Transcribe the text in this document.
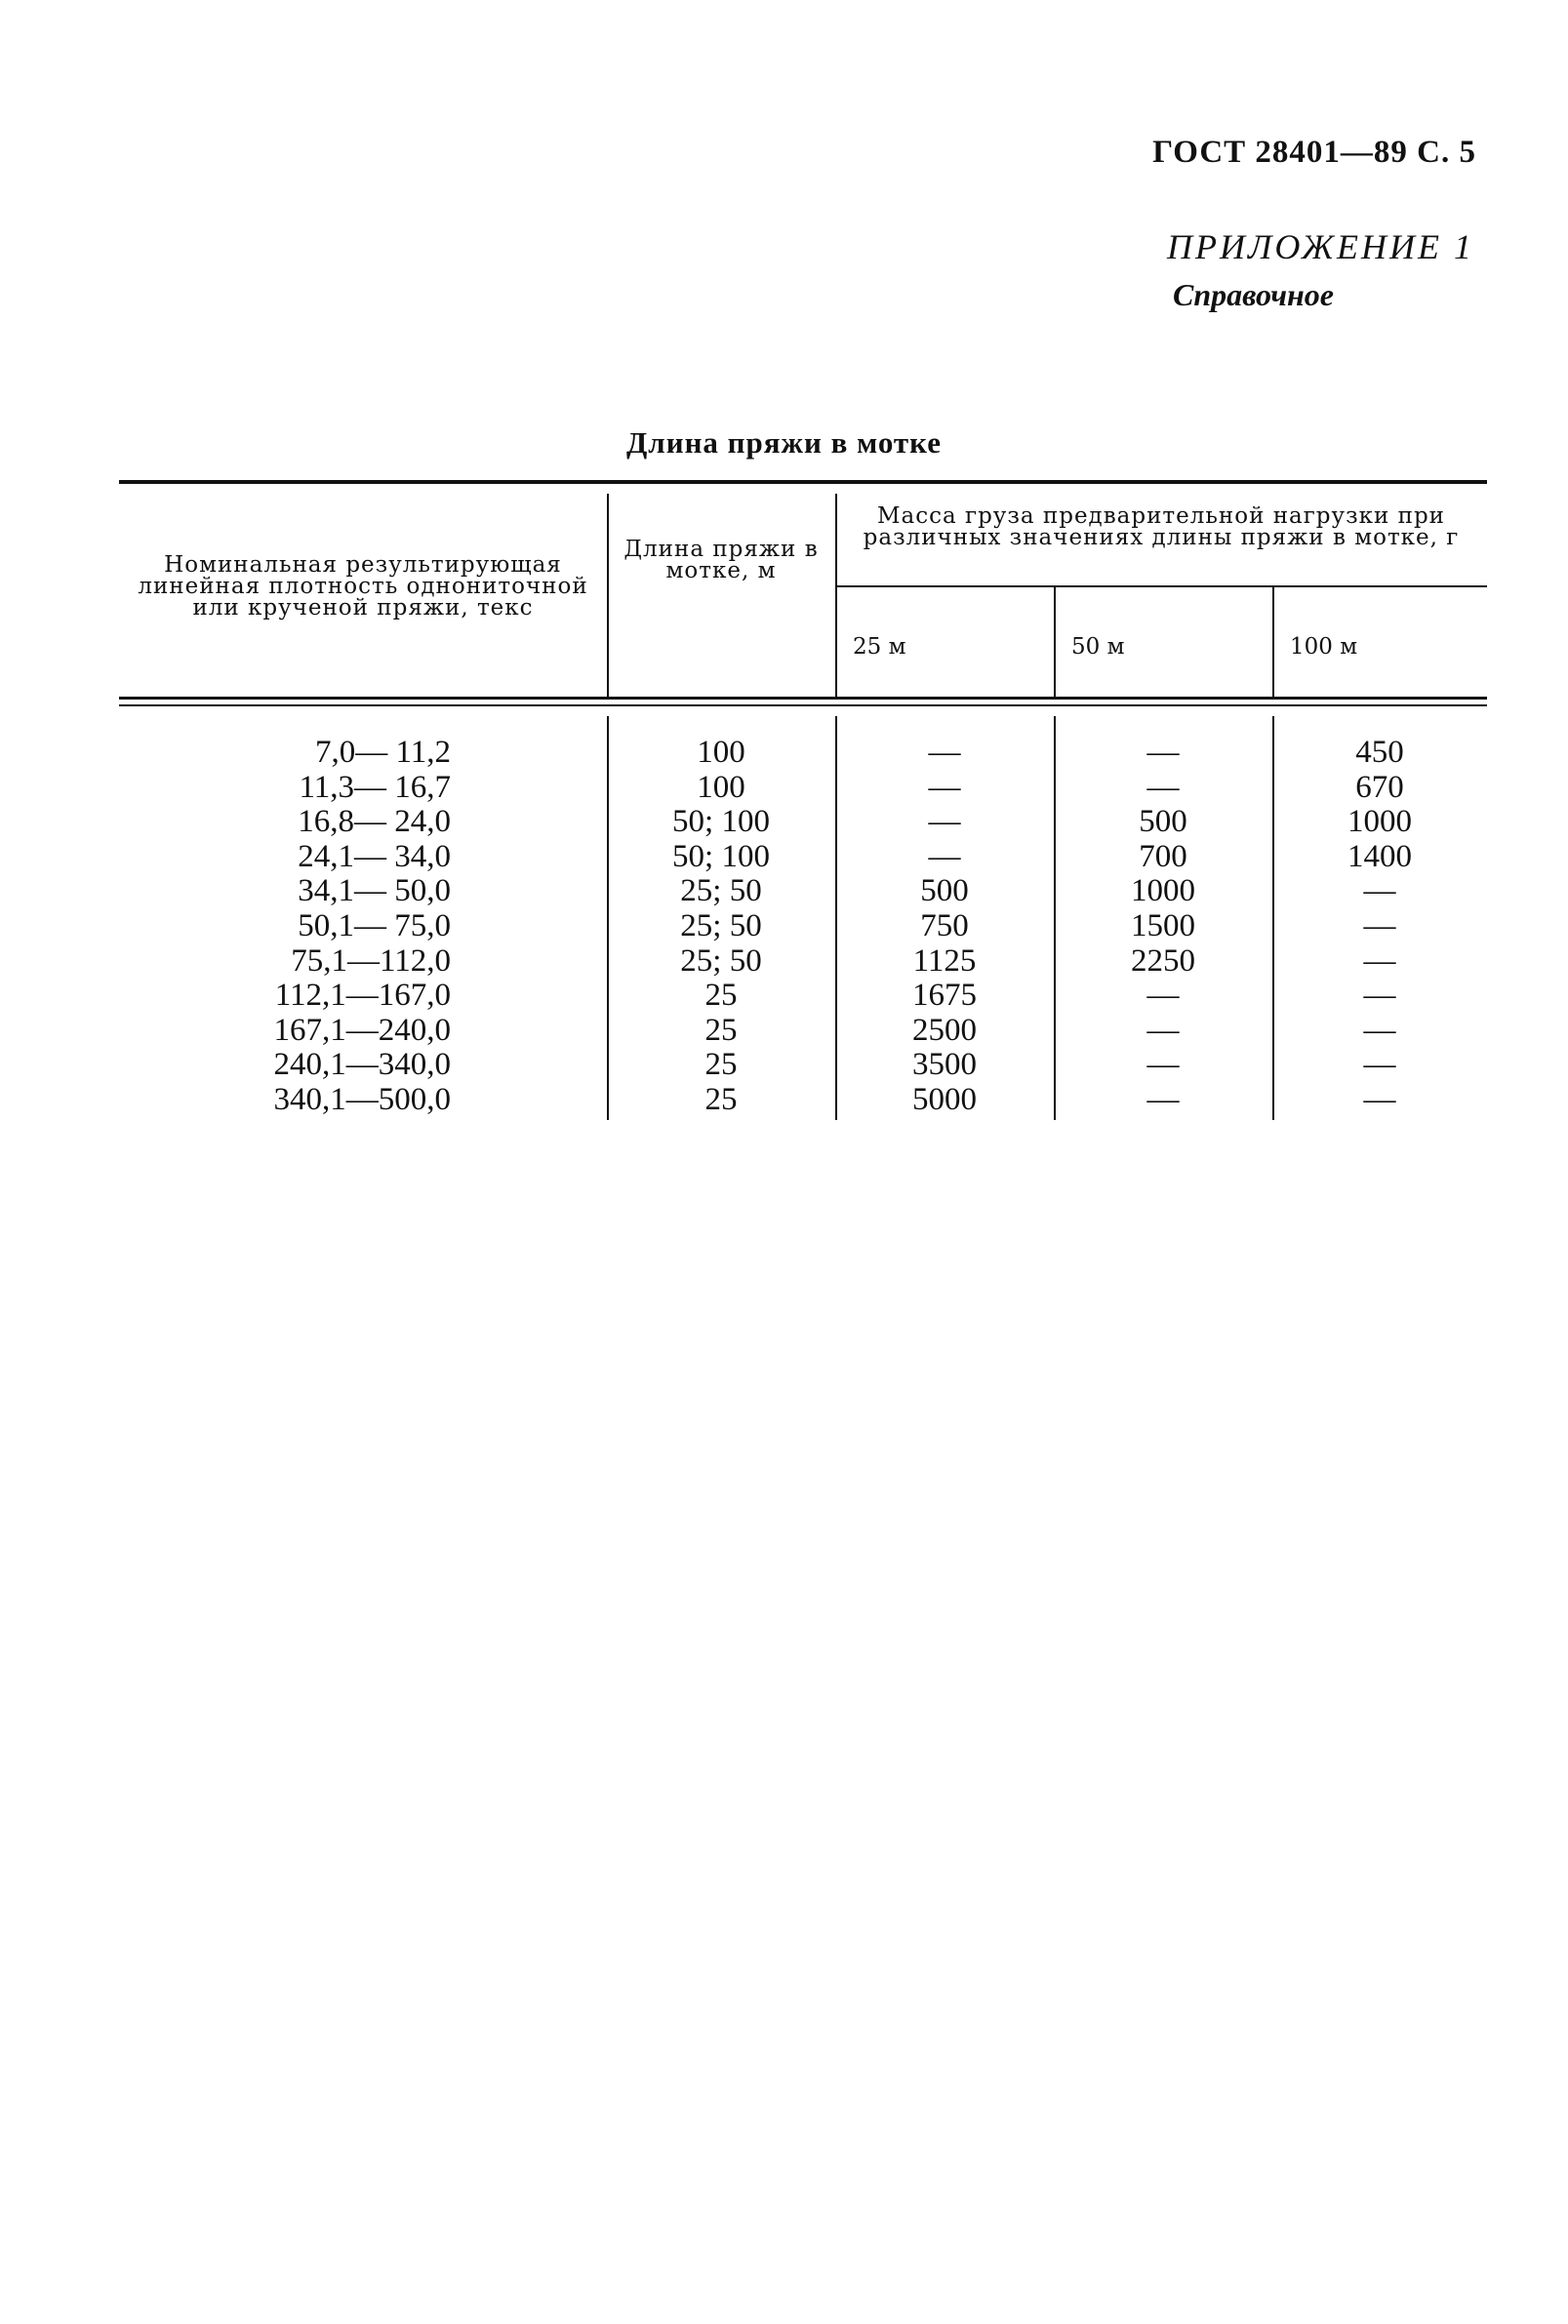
ГОСТ 28401—89 С. 5
ПРИЛОЖЕНИЕ 1
Справочное
Длина пряжи в мотке
Номинальная результирующая линейная плотность однониточной или крученой пряжи, текс
Длина пряжи в мотке, м
Масса груза предварительной нагрузки при различных значениях длины пряжи в мотке, г
25 м	50 м	100 м
7,0— 11,2	100	—	—	450
11,3— 16,7	100	—	—	670
16,8— 24,0	50; 100	—	500	1000
24,1— 34,0	50; 100	—	700	1400
34,1— 50,0	25; 50	500	1000	—
50,1— 75,0	25; 50	750	1500	—
75,1—112,0	25; 50	1125	2250	—
112,1—167,0	25	1675	—	—
167,1—240,0	25	2500	—	—
240,1—340,0	25	3500	—	—
340,1—500,0	25	5000	—	—
